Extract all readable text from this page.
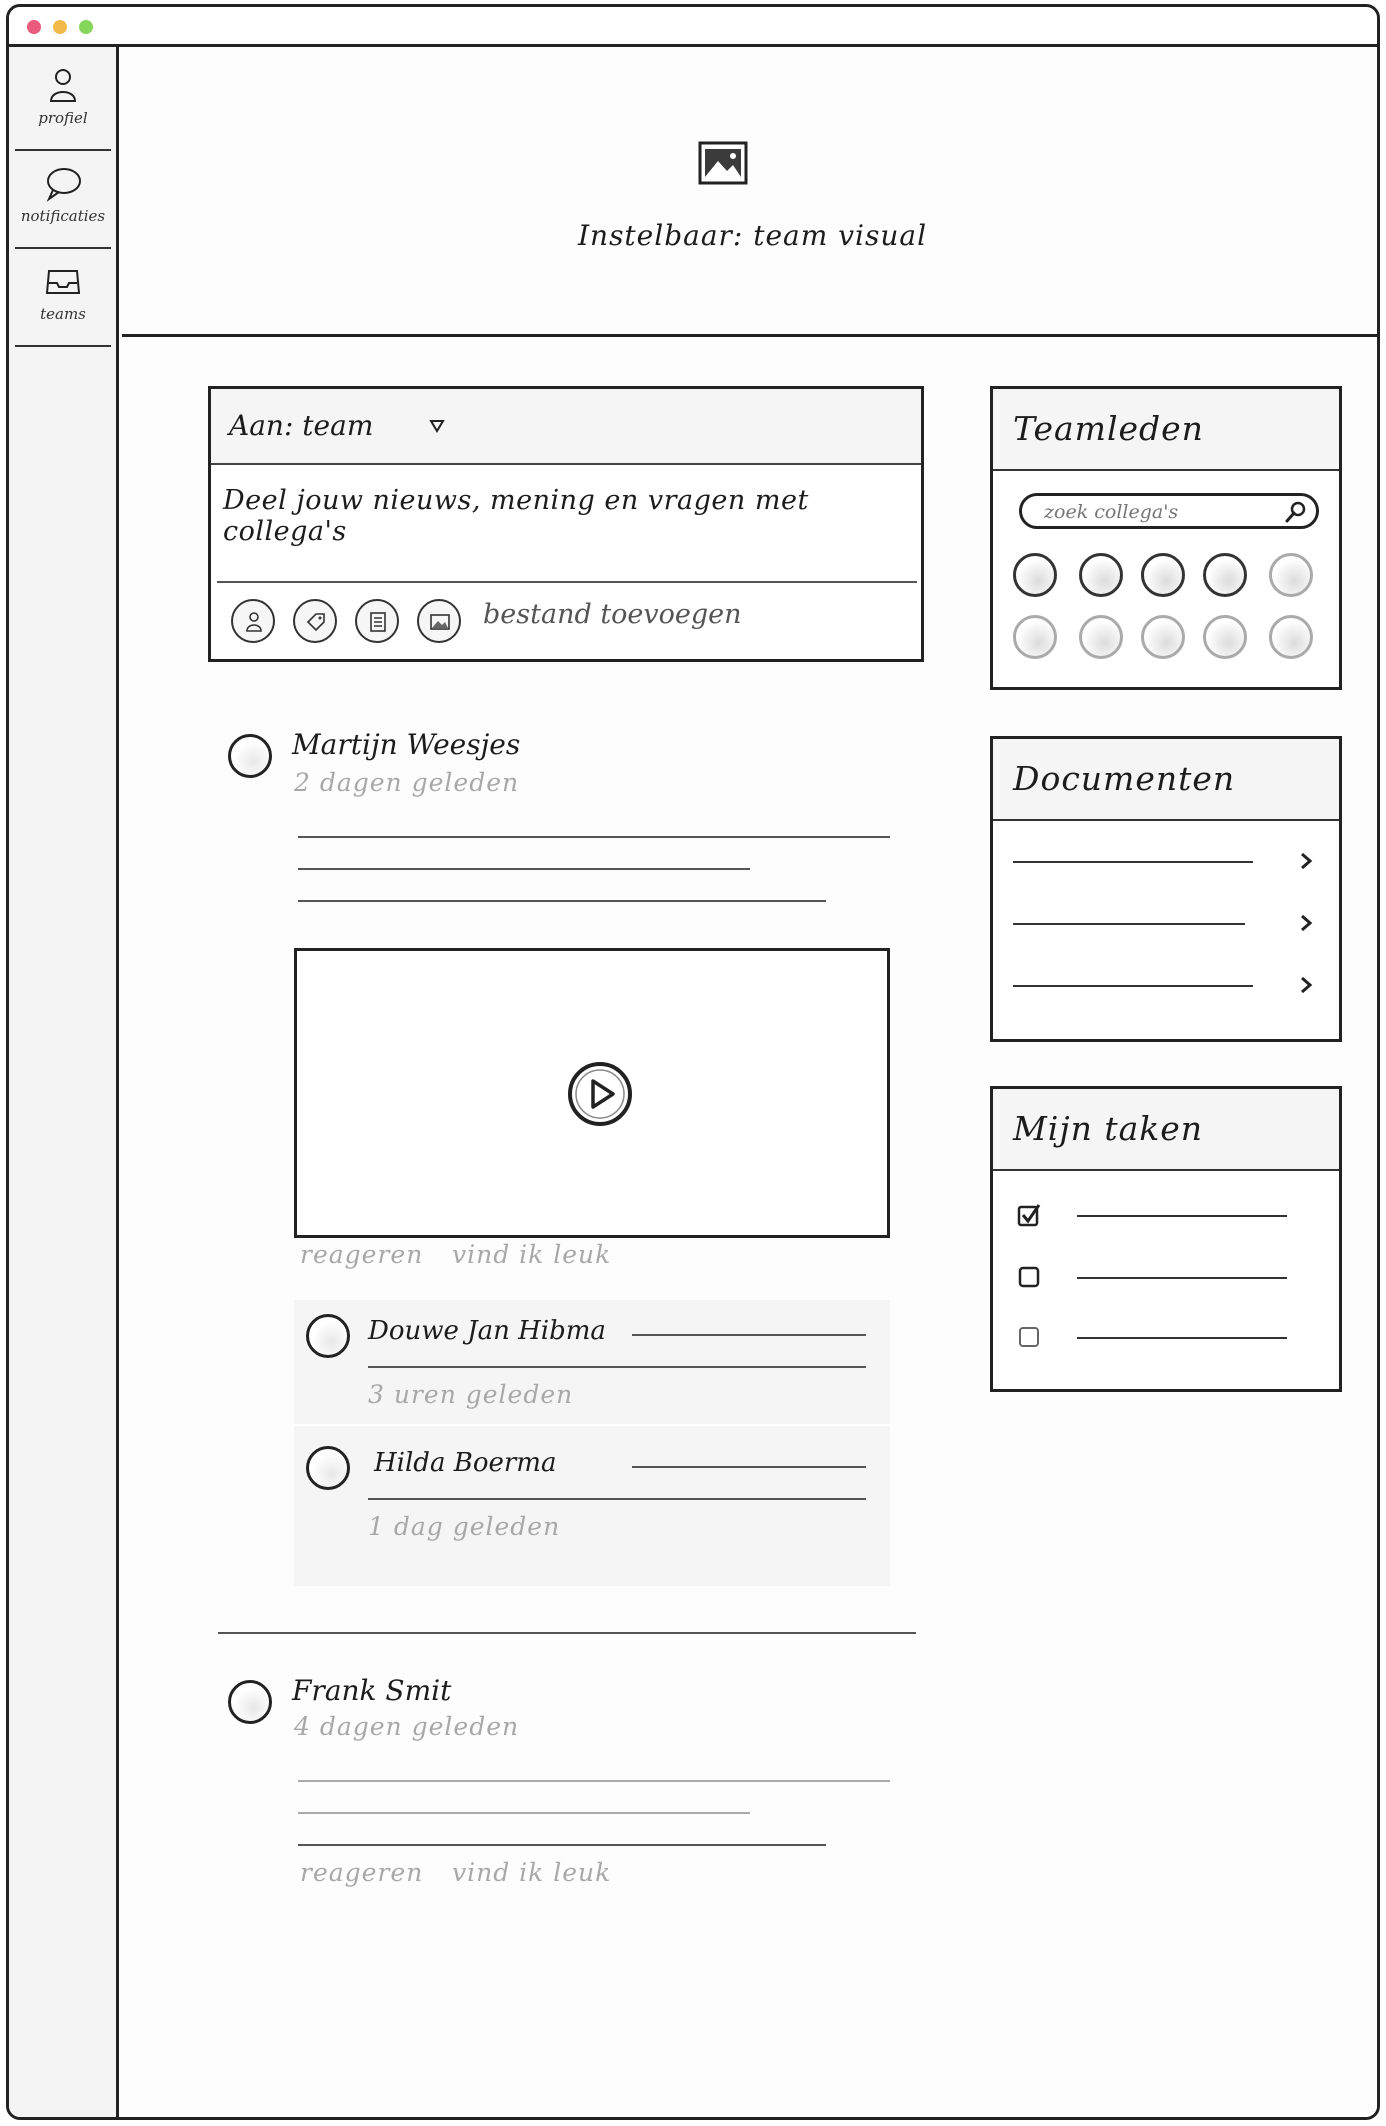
profiel
notificaties
teams
Instelbaar: team visual
Aan: team
Deel jouw nieuws, mening en vragen met collega's
bestand toevoegen
Martijn Weesjes
2 dagen geleden
reageren vind ik leuk
Douwe Jan Hibma
3 uren geleden
Hilda Boerma
1 dag geleden
Frank Smit
4 dagen geleden
reageren vind ik leuk
Teamleden
zoek collega's
Documenten
Mijn taken
